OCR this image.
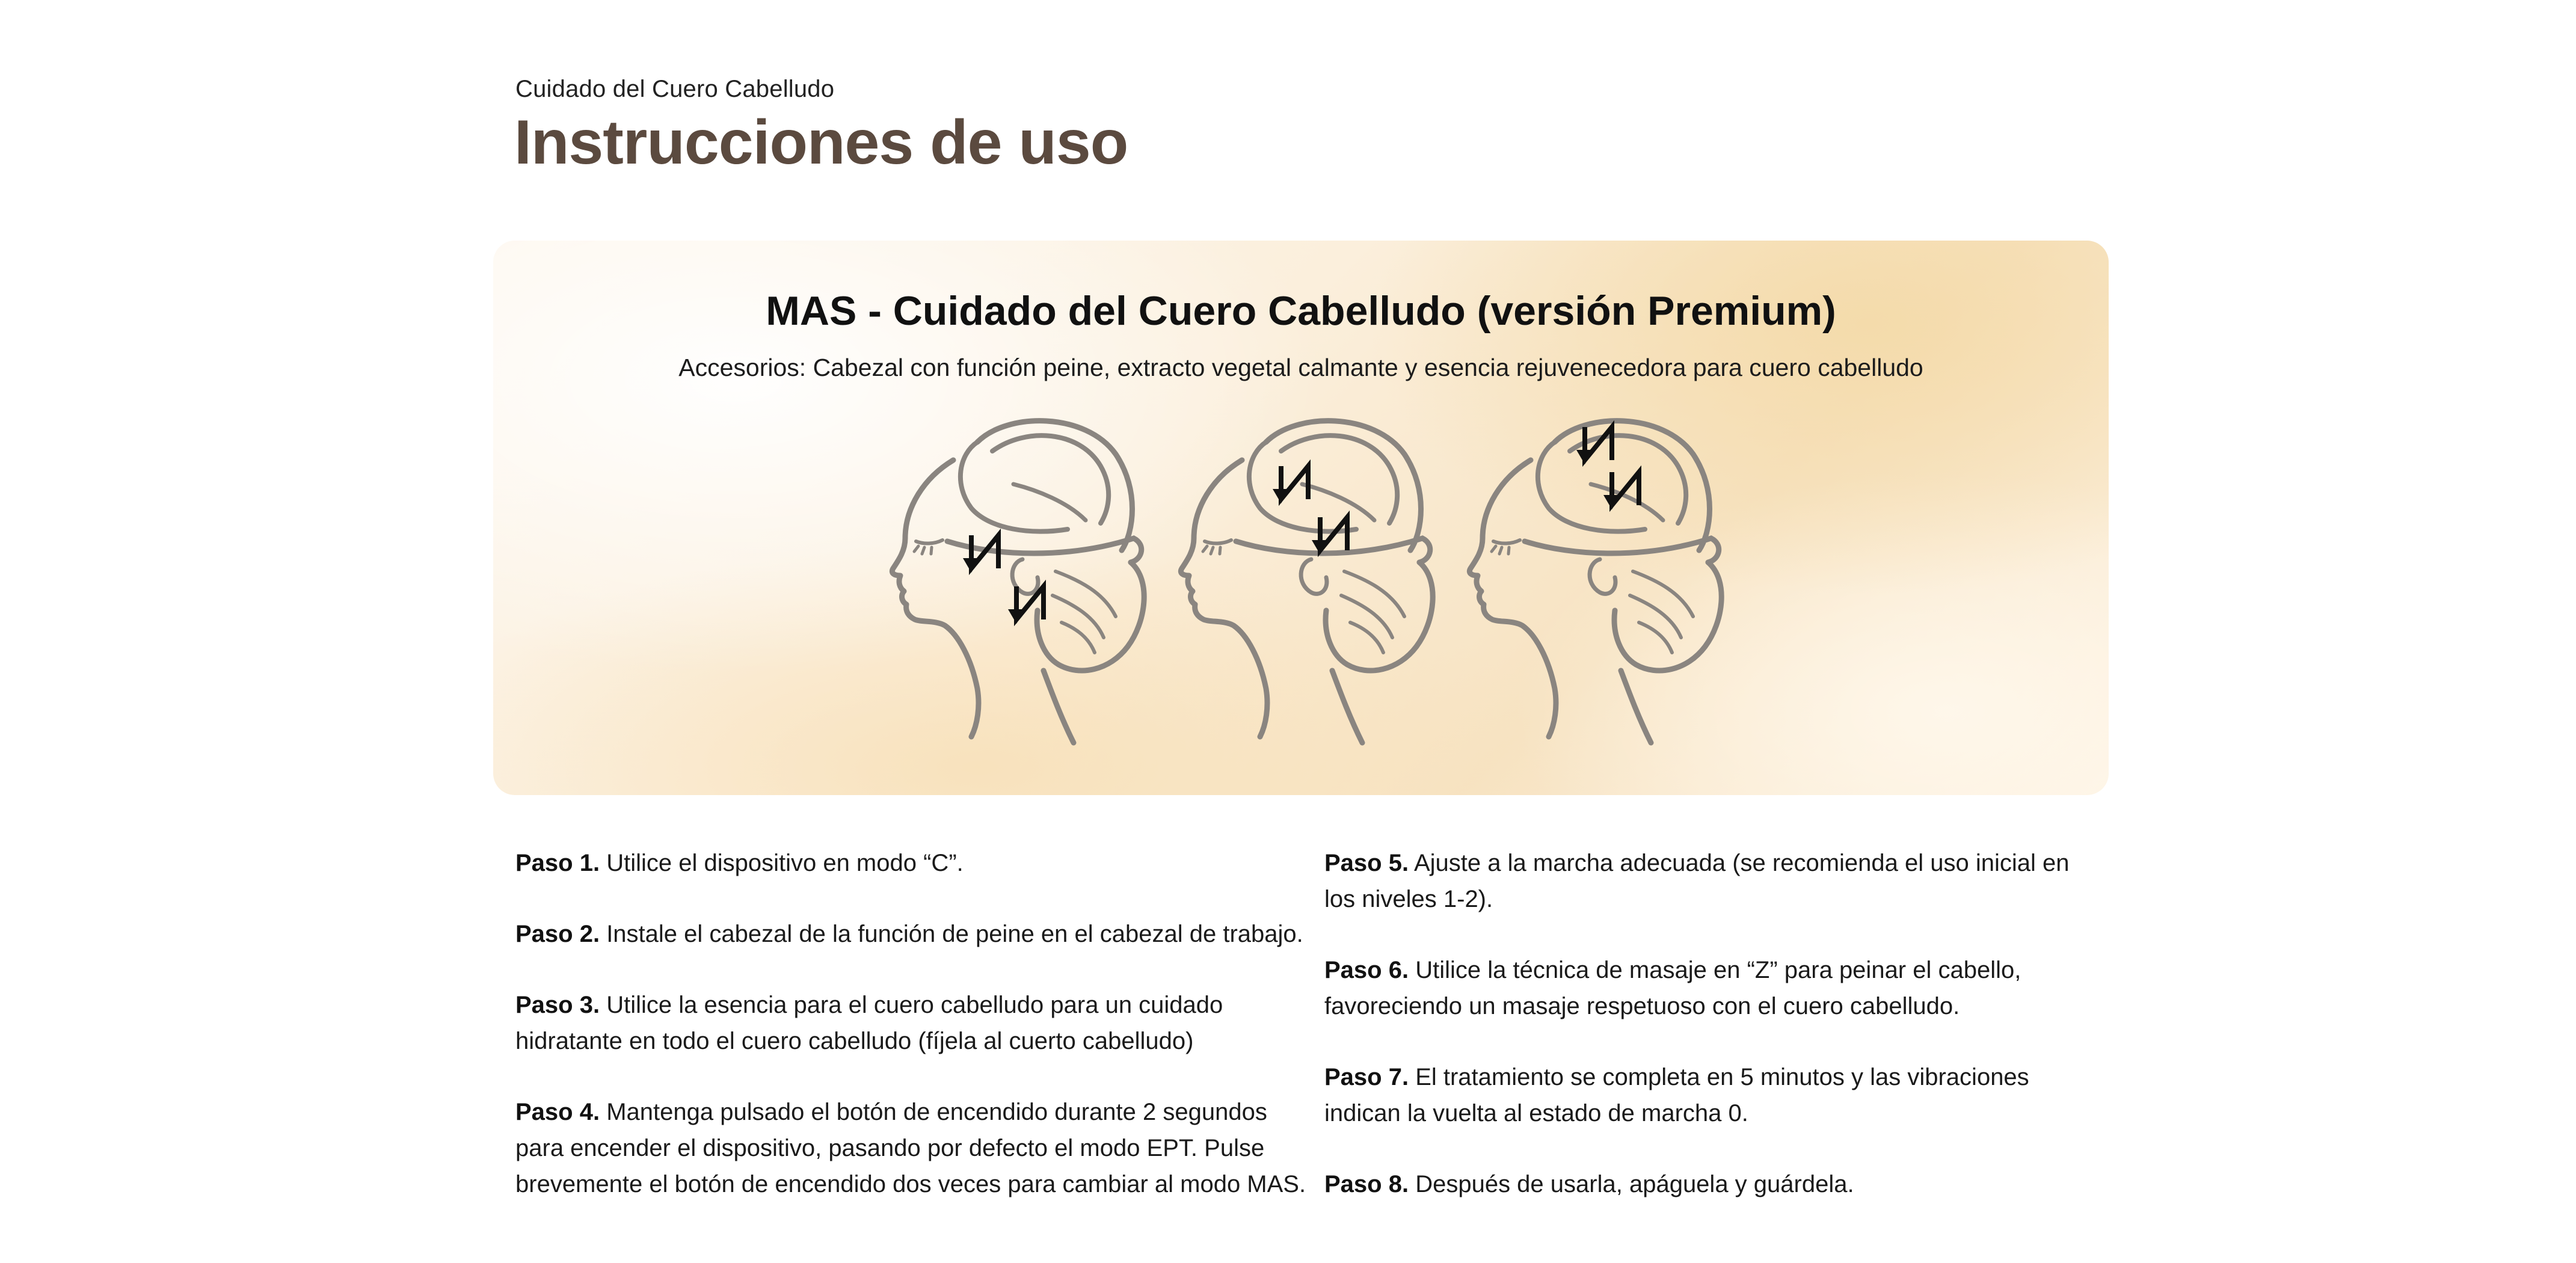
Cuidado del Cuero Cabelludo
Instrucciones de uso
MAS - Cuidado del Cuero Cabelludo (versión Premium)
Accesorios: Cabezal con función peine, extracto vegetal calmante y esencia rejuvenecedora para cuero cabelludo
Paso 1. Utilice el dispositivo en modo “C”.
Paso 2. Instale el cabezal de la función de peine en el cabezal de trabajo.
Paso 3. Utilice la esencia para el cuero cabelludo para un cuidado hidratante en todo el cuero cabelludo (fíjela al cuerto cabelludo)
Paso 4. Mantenga pulsado el botón de encendido durante 2 segundos para encender el dispositivo, pasando por defecto el modo EPT. Pulse brevemente el botón de encendido dos veces para cambiar al modo MAS.
Paso 5. Ajuste a la marcha adecuada (se recomienda el uso inicial en los niveles 1-2).
Paso 6. Utilice la técnica de masaje en “Z” para peinar el cabello, favoreciendo un masaje respetuoso con el cuero cabelludo.
Paso 7. El tratamiento se completa en 5 minutos y las vibraciones indican la vuelta al estado de marcha 0.
Paso 8. Después de usarla, apáguela y guárdela.
